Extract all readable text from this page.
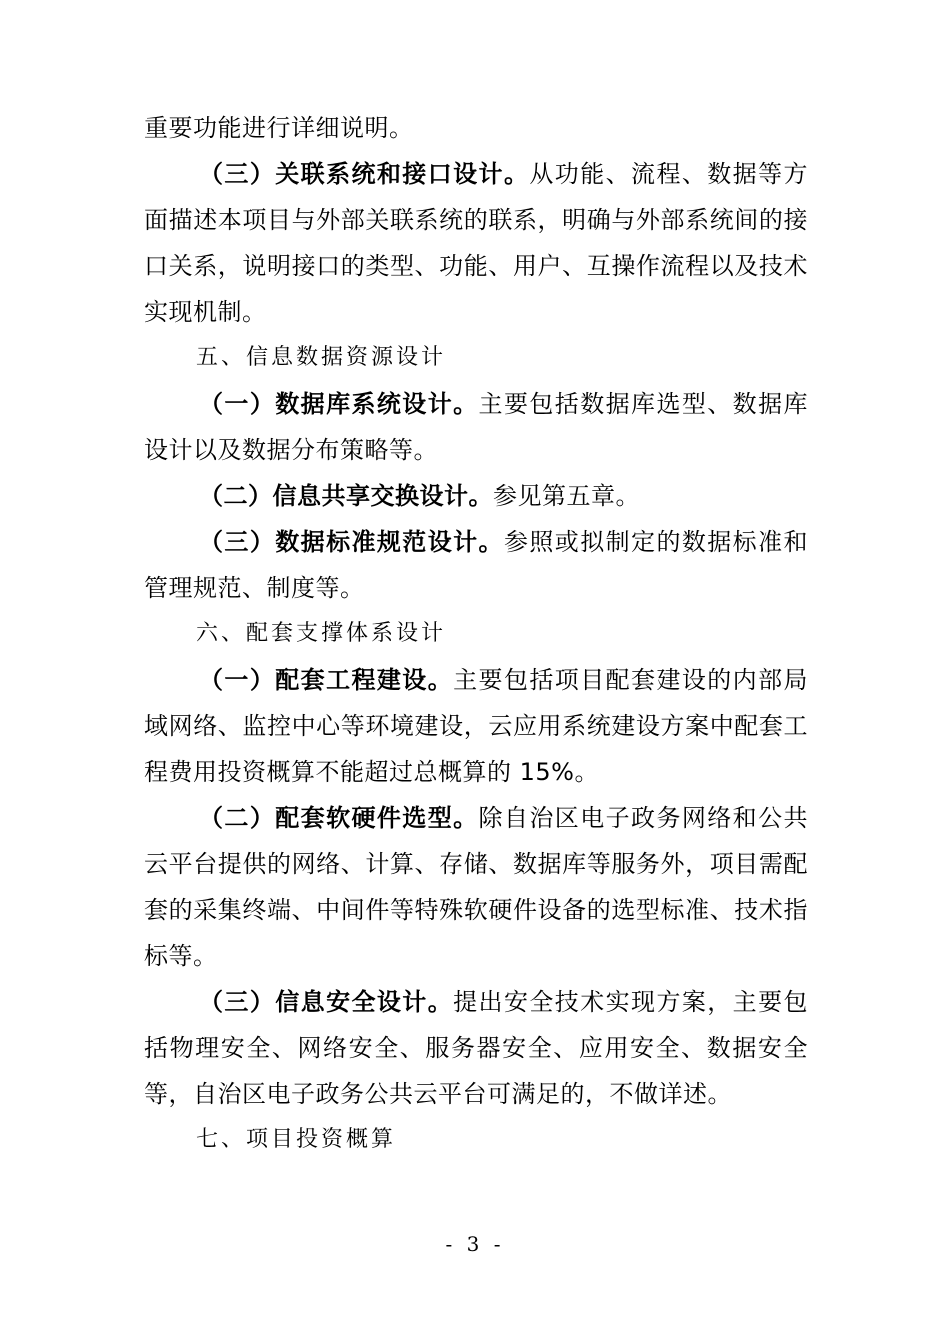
重要功能进行详细说明。

（三）关联系统和接口设计。从功能、流程、数据等方面描述本项目与外部关联系统的联系，明确与外部系统间的接口关系，说明接口的类型、功能、用户、互操作流程以及技术实现机制。

五、信息数据资源设计

（一）数据库系统设计。主要包括数据库选型、数据库设计以及数据分布策略等。

（二）信息共享交换设计。参见第五章。

（三）数据标准规范设计。参照或拟制定的数据标准和管理规范、制度等。

六、配套支撑体系设计

（一）配套工程建设。主要包括项目配套建设的内部局域网络、监控中心等环境建设，云应用系统建设方案中配套工程费用投资概算不能超过总概算的 15%。

（二）配套软硬件选型。除自治区电子政务网络和公共云平台提供的网络、计算、存储、数据库等服务外，项目需配套的采集终端、中间件等特殊软硬件设备的选型标准、技术指标等。

（三）信息安全设计。提出安全技术实现方案，主要包括物理安全、网络安全、服务器安全、应用安全、数据安全等，自治区电子政务公共云平台可满足的，不做详述。

七、项目投资概算

- 3 -
